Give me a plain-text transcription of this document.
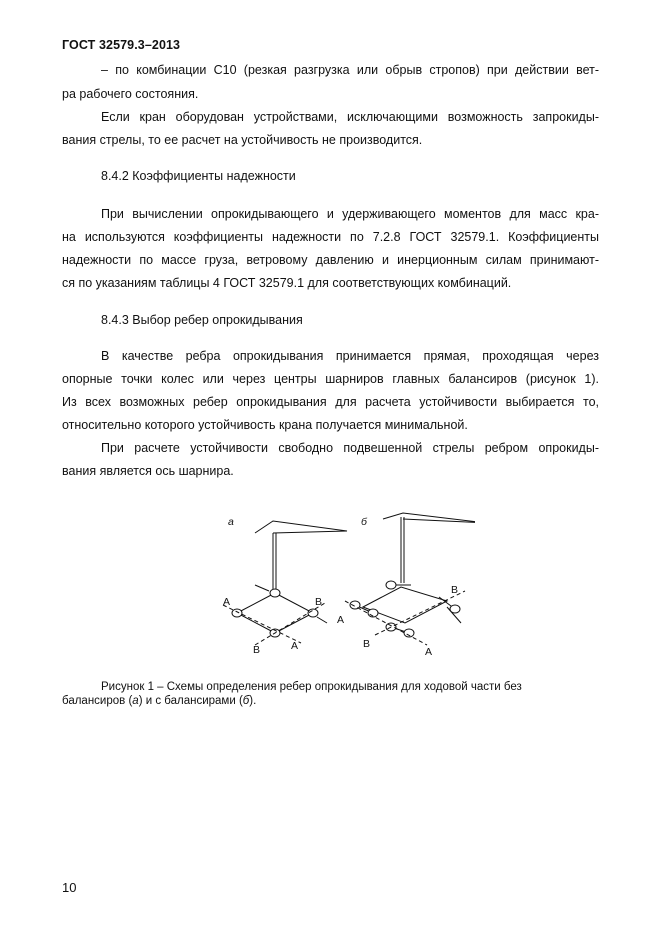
ГОСТ 32579.3–2013
– по комбинации С10 (резкая разгрузка или обрыв стропов) при действии вет-
ра рабочего состояния.
Если кран оборудован устройствами, исключающими возможность запрокиды-
вания стрелы, то ее расчет на устойчивость не производится.
8.4.2 Коэффициенты надежности
При вычислении опрокидывающего и удерживающего моментов для масс кра-
на используются коэффициенты надежности по 7.2.8 ГОСТ 32579.1. Коэффициенты
надежности по массе груза, ветровому давлению и инерционным силам принимают-
ся по указаниям таблицы 4 ГОСТ 32579.1 для соответствующих комбинаций.
8.4.3 Выбор ребер опрокидывания
В качестве ребра опрокидывания принимается прямая, проходящая через
опорные точки колес или через центры шарниров главных балансиров (рисунок 1).
Из всех возможных ребер опрокидывания для расчета устойчивости выбирается то,
относительно которого устойчивость крана получается минимальной.
При расчете устойчивости свободно подвешенной стрелы ребром опрокиды-
вания является ось шарнира.
а
А	В
В	А
б
А
В
В
А
Рисунок 1 – Схемы определения ребер опрокидывания для ходовой части без
балансиров (а) и с балансирами (б).
10
